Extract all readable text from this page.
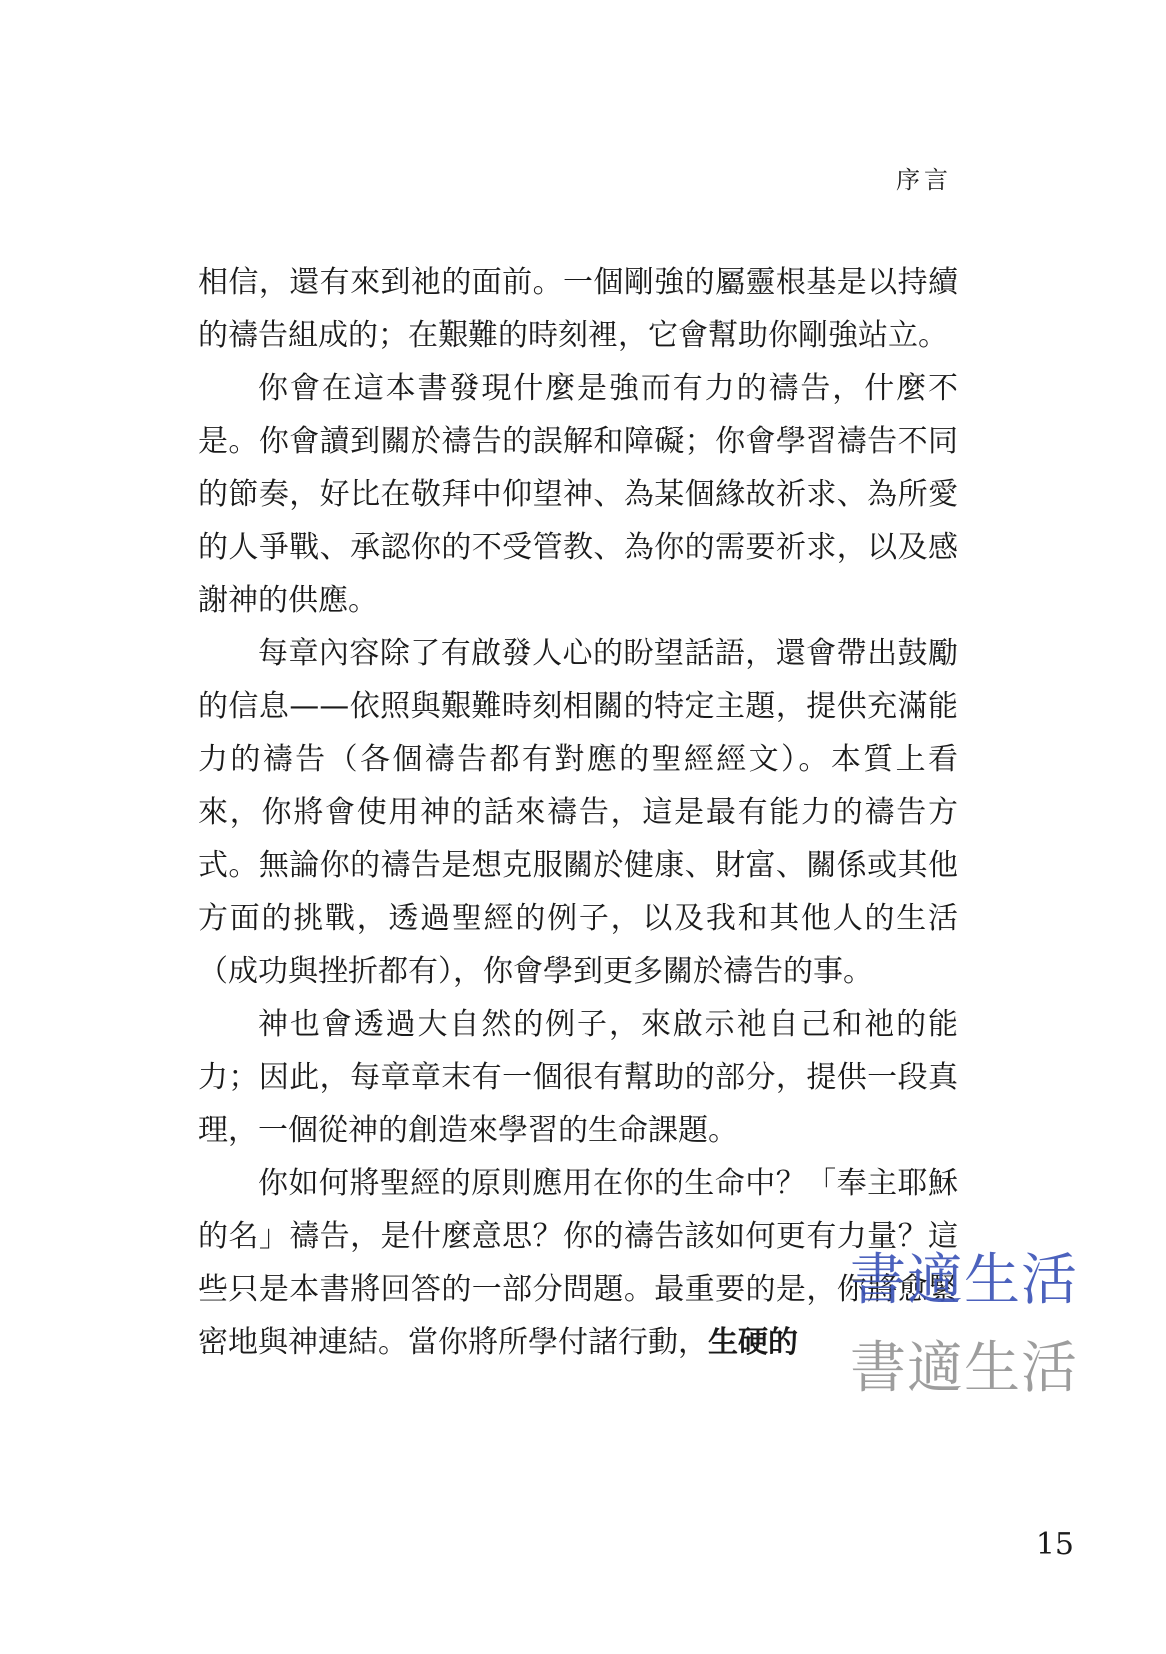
序言

相信，還有來到祂的面前。一個剛強的屬靈根基是以持續的禱告組成的；在艱難的時刻裡，它會幫助你剛強站立。

你會在這本書發現什麼是強而有力的禱告，什麼不是。你會讀到關於禱告的誤解和障礙；你會學習禱告不同的節奏，好比在敬拜中仰望神、為某個緣故祈求、為所愛的人爭戰、承認你的不受管教、為你的需要祈求，以及感謝神的供應。

每章內容除了有啟發人心的盼望話語，還會帶出鼓勵的信息——依照與艱難時刻相關的特定主題，提供充滿能力的禱告（各個禱告都有對應的聖經經文）。本質上看來，你將會使用神的話來禱告，這是最有能力的禱告方式。無論你的禱告是想克服關於健康、財富、關係或其他方面的挑戰，透過聖經的例子，以及我和其他人的生活（成功與挫折都有），你會學到更多關於禱告的事。

神也會透過大自然的例子，來啟示祂自己和祂的能力；因此，每章章末有一個很有幫助的部分，提供一段真理，一個從神的創造來學習的生命課題。

你如何將聖經的原則應用在你的生命中？「奉主耶穌的名」禱告，是什麼意思？你的禱告該如何更有力量？這些只是本書將回答的一部分問題。最重要的是，你將愈緊密地與神連結。當你將所學付諸行動，生硬的

書適生活
書適生活
15
